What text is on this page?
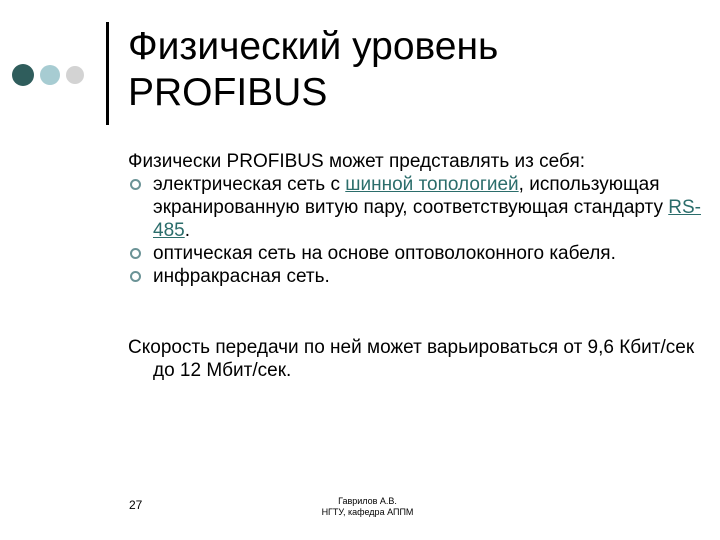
Физический уровень
PROFIBUS

Физически PROFIBUS может представлять из себя:

электрическая сеть с шинной топологией, использующая экранированную витую пару, соответствующая стандарту RS-485.
оптическая сеть на основе оптоволоконного кабеля.
инфракрасная сеть.

Скорость передачи по ней может варьироваться от 9,6 Кбит/сек до 12 Мбит/сек.

27	Гаврилов А.В.
НГТУ, кафедра АППМ
